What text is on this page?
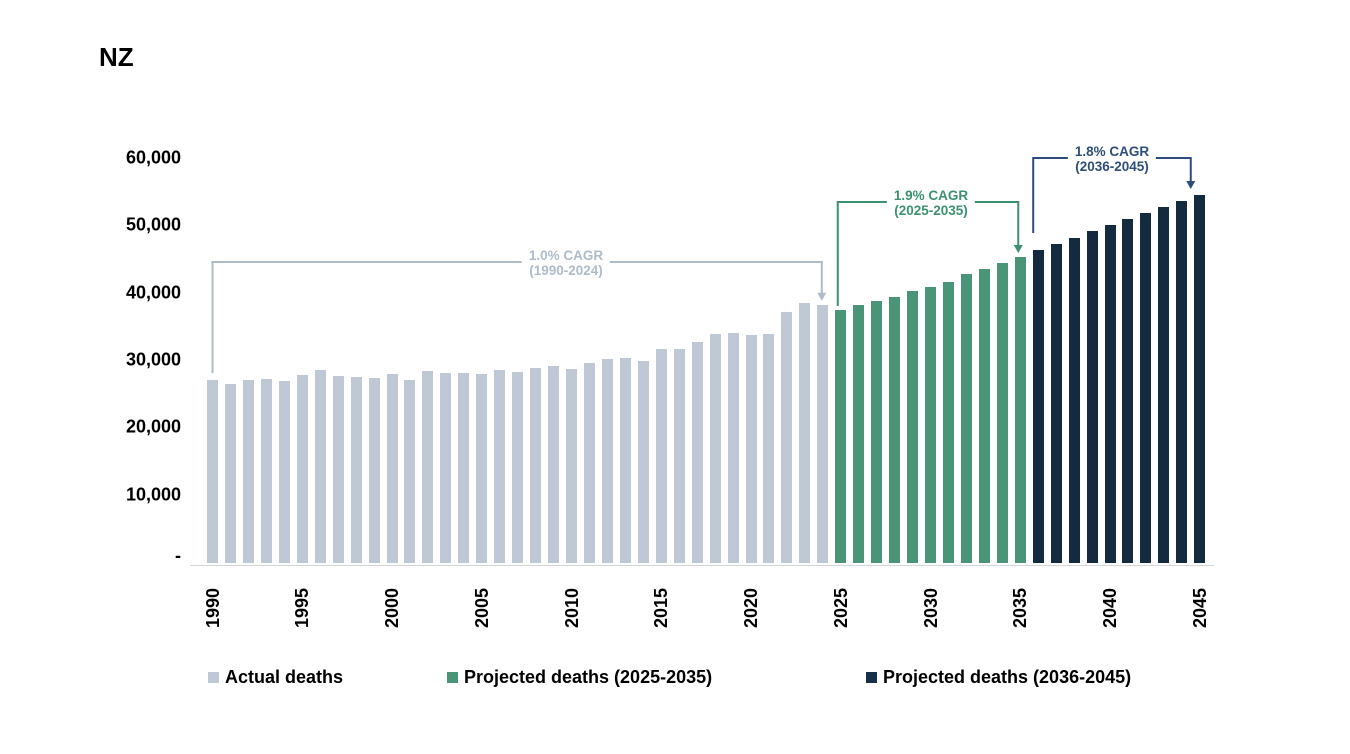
NZ
60,000
50,000
40,000
30,000
20,000
10,000
-
1990	1995	2000	2005	2010	2015	2020	2025	2030	2035	2040	2045
1.0% CAGR
(1990-2024)
1.9% CAGR
(2025-2035)
1.8% CAGR
(2036-2045)
Actual deaths	Projected deaths (2025-2035)	Projected deaths (2036-2045)
